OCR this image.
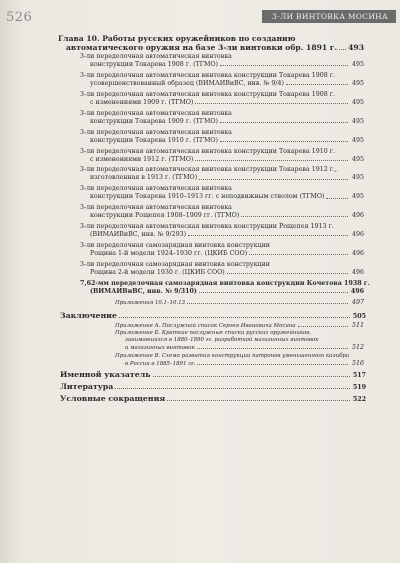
526	3-ЛИ ВИНТОВКА МОСИНА
Глава 10. Работы русских оружейников по созданию
автоматического оружия на базе 3-ли винтовки обр. 1891 г. 493
3-ли переделочная автоматическая винтовка
конструкции Токарева 1908 г. (ТГМО)	495
3-ли переделочная автоматическая винтовка конструкции Токарева 1908 г.
усовершенствованный образец (ВИМАИВиВС, инв. № 9/4)	495
3-ли переделочная автоматическая винтовка конструкции Токарева 1908 г.
с изменениями 1909 г. (ТГМО)	495
3-ли переделочная автоматическая винтовка
конструкции Токарева 1909 г. (ТГМО)	495
3-ли переделочная автоматическая винтовка
конструкции Токарева 1910 г. (ТГМО)	495
3-ли переделочная автоматическая винтовка конструкции Токарева 1910 г.
с изменениями 1912 г. (ТГМО)	495
3-ли переделочная автоматическая винтовка конструкции Токарева 1912 г.,
изготовленная в 1913 г. (ТГМО)	495
3-ли переделочная автоматическая винтовка
конструкции Токарева 1910–1913 гг. с неподвижным стволом (ТГМО)	495
3-ли переделочная автоматическая винтовка
конструкции Рощепея 1908–1909 гг. (ТГМО)	496
3-ли переделочная автоматическая винтовка конструкции Рощепея 1913 г.
(ВИМАИВиВС, инв. № 9/293)	496
3-ли переделочная самозарядная винтовка конструкции
Рощина 1-й модели 1924–1930 гг. (ЦКИБ СОО)	496
3-ли переделочная самозарядная винтовка конструкции
Рощина 2-й модели 1930 г. (ЦКИБ СОО)	496
7,62-мм переделочная самозарядная винтовка конструкции Кочетова 1938 г.
(ВИМАИВиВС, инв. № 9/310)	496
Приложения 10.1–10.13	497
Заключение	505
Приложение А. Послужной список Сергея Ивановича Мосина	511
Приложение Б. Краткие послужные списки русских оружейников,
занимавшихся в 1880–1890 гг. разработкой магазинных винтовок
и магазинных винтовок	512
Приложение В. Схема развития конструкции патронов уменьшенного калибра
в России в 1885–1891 гг.	516
Именной указатель	517
Литература	519
Условные сокращения	522
